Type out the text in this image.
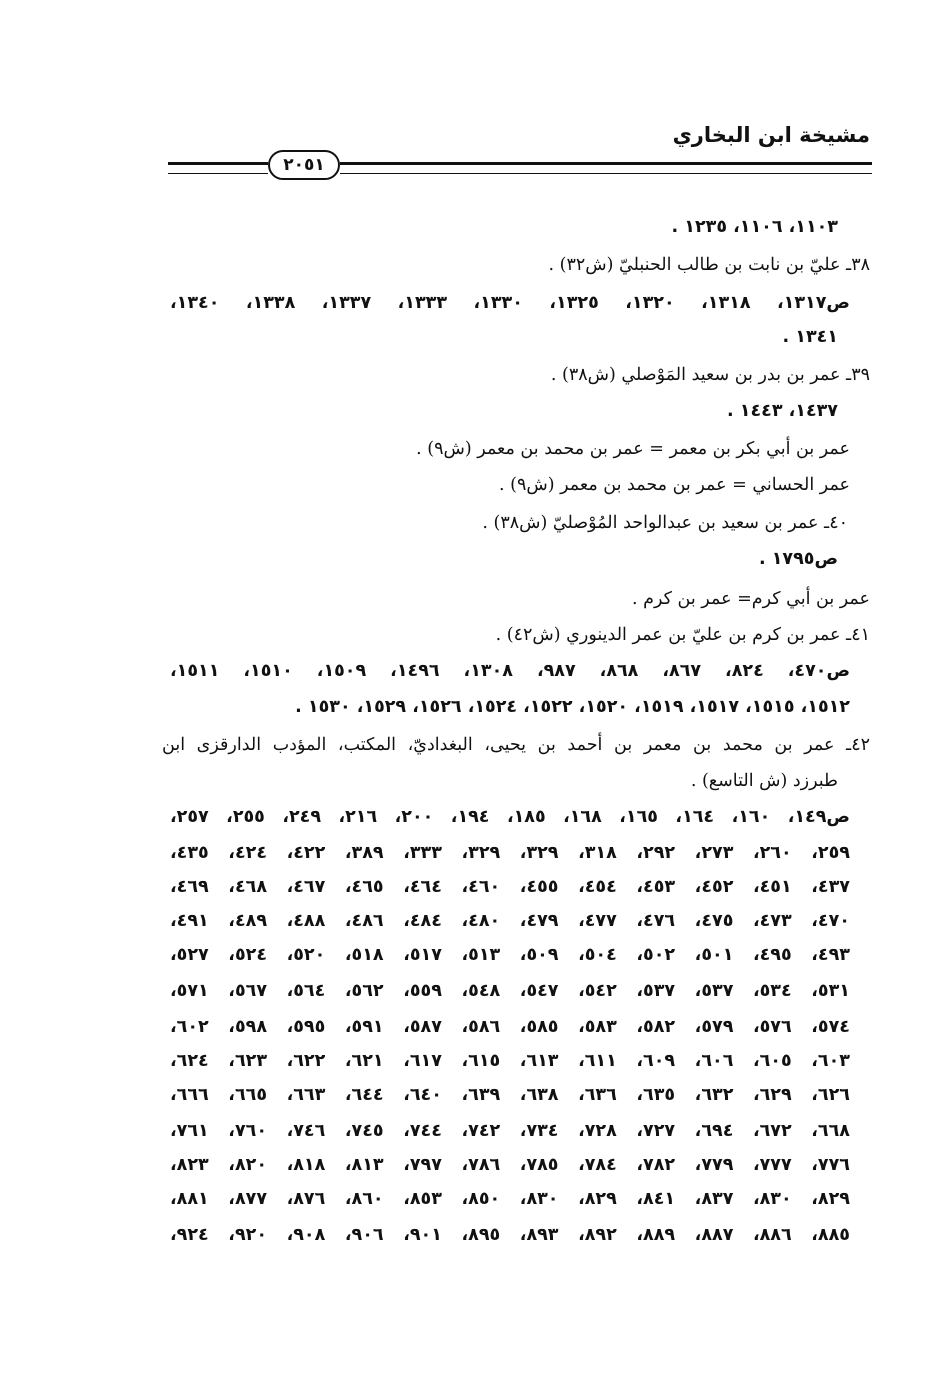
مشيخة ابن البخاري
٢٠٥١
١١٠٣، ١١٠٦، ١٢٣٥ .
٣٨ـ عليّ بن نابت بن طالب الحنبليّ (ش٣٢) .
ص١٣١٧، ١٣١٨، ١٣٢٠، ١٣٢٥، ١٣٣٠، ١٣٣٣، ١٣٣٧، ١٣٣٨، ١٣٤٠،
١٣٤١ .
٣٩ـ عمر بن بدر بن سعيد المَوْصلي (ش٣٨) .
١٤٣٧، ١٤٤٣ .
عمر بن أبي بكر بن معمر = عمر بن محمد بن معمر (ش٩) .
عمر الحساني = عمر بن محمد بن معمر (ش٩) .
٤٠ـ عمر بن سعيد بن عبدالواحد المُوْصليّ (ش٣٨) .
ص١٧٩٥ .
عمر بن أبي كرم= عمر بن كرم .
٤١ـ عمر بن كرم بن عليّ بن عمر الدينوري (ش٤٢) .
ص٤٧٠، ٨٢٤، ٨٦٧، ٨٦٨، ٩٨٧، ١٣٠٨، ١٤٩٦، ١٥٠٩، ١٥١٠، ١٥١١،
١٥١٢، ١٥١٥، ١٥١٧، ١٥١٩، ١٥٢٠، ١٥٢٢، ١٥٢٤، ١٥٢٦، ١٥٢٩، ١٥٣٠ .
٤٢ـ عمر بن محمد بن معمر بن أحمد بن يحيى، البغداديّ، المكتب، المؤدب الدارقزى ابن
طبرزد (ش التاسع) .
ص١٤٩، ١٦٠، ١٦٤، ١٦٥، ١٦٨، ١٨٥، ١٩٤، ٢٠٠، ٢١٦، ٢٤٩، ٢٥٥، ٢٥٧،
٢٥٩، ٢٦٠، ٢٧٣، ٢٩٢، ٣١٨، ٣٢٩، ٣٢٩، ٣٣٣، ٣٨٩، ٤٢٢، ٤٢٤، ٤٣٥،
٤٣٧، ٤٥١، ٤٥٢، ٤٥٣، ٤٥٤، ٤٥٥، ٤٦٠، ٤٦٤، ٤٦٥، ٤٦٧، ٤٦٨، ٤٦٩،
٤٧٠، ٤٧٣، ٤٧٥، ٤٧٦، ٤٧٧، ٤٧٩، ٤٨٠، ٤٨٤، ٤٨٦، ٤٨٨، ٤٨٩، ٤٩١،
٤٩٣، ٤٩٥، ٥٠١، ٥٠٢، ٥٠٤، ٥٠٩، ٥١٣، ٥١٧، ٥١٨، ٥٢٠، ٥٢٤، ٥٢٧،
٥٣١، ٥٣٤، ٥٣٧، ٥٣٧، ٥٤٢، ٥٤٧، ٥٤٨، ٥٥٩، ٥٦٢، ٥٦٤، ٥٦٧، ٥٧١،
٥٧٤، ٥٧٦، ٥٧٩، ٥٨٢، ٥٨٣، ٥٨٥، ٥٨٦، ٥٨٧، ٥٩١، ٥٩٥، ٥٩٨، ٦٠٢،
٦٠٣، ٦٠٥، ٦٠٦، ٦٠٩، ٦١١، ٦١٣، ٦١٥، ٦١٧، ٦٢١، ٦٢٢، ٦٢٣، ٦٢٤،
٦٢٦، ٦٢٩، ٦٣٢، ٦٣٥، ٦٣٦، ٦٣٨، ٦٣٩، ٦٤٠، ٦٤٤، ٦٦٣، ٦٦٥، ٦٦٦،
٦٦٨، ٦٧٢، ٦٩٤، ٧٢٧، ٧٢٨، ٧٣٤، ٧٤٢، ٧٤٤، ٧٤٥، ٧٤٦، ٧٦٠، ٧٦١،
٧٧٦، ٧٧٧، ٧٧٩، ٧٨٢، ٧٨٤، ٧٨٥، ٧٨٦، ٧٩٧، ٨١٣، ٨١٨، ٨٢٠، ٨٢٣،
٨٢٩، ٨٣٠، ٨٣٧، ٨٤١، ٨٢٩، ٨٣٠، ٨٥٠، ٨٥٣، ٨٦٠، ٨٧٦، ٨٧٧، ٨٨١،
٨٨٥، ٨٨٦، ٨٨٧، ٨٨٩، ٨٩٢، ٨٩٣، ٨٩٥، ٩٠١، ٩٠٦، ٩٠٨، ٩٢٠، ٩٢٤،
